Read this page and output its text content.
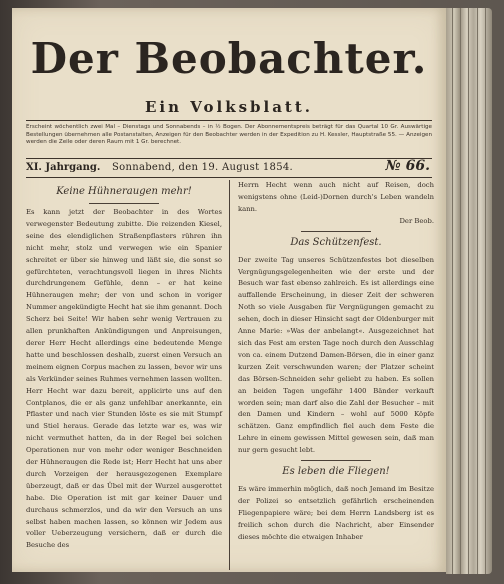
Der Beobachter.
Ein Volksblatt.
Erscheint wöchentlich zwei Mal – Dienstags und Sonnabends – in ½ Bogen. Der Abonnementspreis beträgt für das Quartal 10 Gr. Auswärtige Bestellungen übernehmen alle Postanstalten, Anzeigen für den Beobachter werden in der Expedition zu H. Kessler, Hauptstraße 55. — Anzeigen werden die Zeile oder deren Raum mit 1 Gr. berechnet.
XI. Jahrgang. Sonnabend, den 19. August 1854.	№ 66.
Keine Hühneraugen mehr!

Es kann jetzt der Beobachter in des Wortes verwegenster Bedeutung zubitte. Die reizenden Kiesel, seine des elendiglichen Straßenpflasters rühren ihn nicht mehr, stolz und verwegen wie ein Spanier schreitet er über sie hinweg und läßt sie, die sonst so gefürchteten, verachtungsvoll liegen in ihres Nichts durchdrungenem Gefühle, denn – er hat keine Hühneraugen mehr; der von und schon in voriger Nummer angekündigte Hecht hat sie ihm genannt. Doch Scherz bei Seite! Wir haben sehr wenig Vertrauen zu allen prunkhaften Ankündigungen und Anpreisungen, derer Herr Hecht allerdings eine bedeutende Menge hatte und beschlossen deshalb, zuerst einen Versuch an meinem eignen Corpus machen zu lassen, bevor wir uns als Verkünder seines Ruhmes vernehmen lassen wollten. Herr Hecht war dazu bereit, applicirte uns auf den Contplanos, die er als ganz unfehlbar anerkannte, ein Pflaster und nach vier Stunden löste es sie mit Stumpf und Stiel heraus. Gerade das letzte war es, was wir nicht vermuthet hatten, da in der Regel bei solchen Operationen nur von mehr oder weniger Beschneiden der Hühneraugen die Rede ist; Herr Hecht hat uns aber durch Vorzeigen der herausgezogenen Exemplare überzeugt, daß er das Übel mit der Wurzel ausgerottet habe. Die Operation ist mit gar keiner Dauer und durchaus schmerzlos, und da wir den Versuch an uns selbst haben machen lassen, so können wir Jedem aus voller Ueberzeugung versichern, daß er durch die Besuche des

Herrn Hecht wenn auch nicht auf Reisen, doch wenigstens ohne (Leid-)Dornen durch's Leben wandeln kann.

Der Beob.

Das Schützenfest.

Der zweite Tag unseres Schützenfestes bot dieselben Vergnügungsgelegenheiten wie der erste und der Besuch war fast ebenso zahlreich. Es ist allerdings eine auffallende Erscheinung, in dieser Zeit der schweren Noth so viele Ausgaben für Vergnügungen gemacht zu sehen, doch in dieser Hinsicht sagt der Oldenburger mit Anne Marie: »Was der anbelangt«. Ausgezeichnet hat sich das Fest am ersten Tage noch durch den Ausschlag von ca. einem Dutzend Damen-Börsen, die in einer ganz kurzen Zeit verschwunden waren; der Platzer scheint das Börsen-Schneiden sehr geliebt zu haben. Es sollen an beiden Tagen ungefähr 1400 Bänder verkauft worden sein; man darf also die Zahl der Besucher – mit den Damen und Kindern – wohl auf 5000 Köpfe schätzen. Ganz empfindlich fiel auch dem Feste die Lehre in einem gewissen Mittel gewesen sein, daß man nur gern gesucht lebt.

Es leben die Fliegen!

Es wäre immerhin möglich, daß noch Jemand im Besitze der Polizei so entsetzlich gefährlich erscheinenden Fliegenpapiere wäre; bei dem Herrn Landsberg ist es freilich schon durch die Nachricht, aber Einsender dieses möchte die etwaigen Inhaber
